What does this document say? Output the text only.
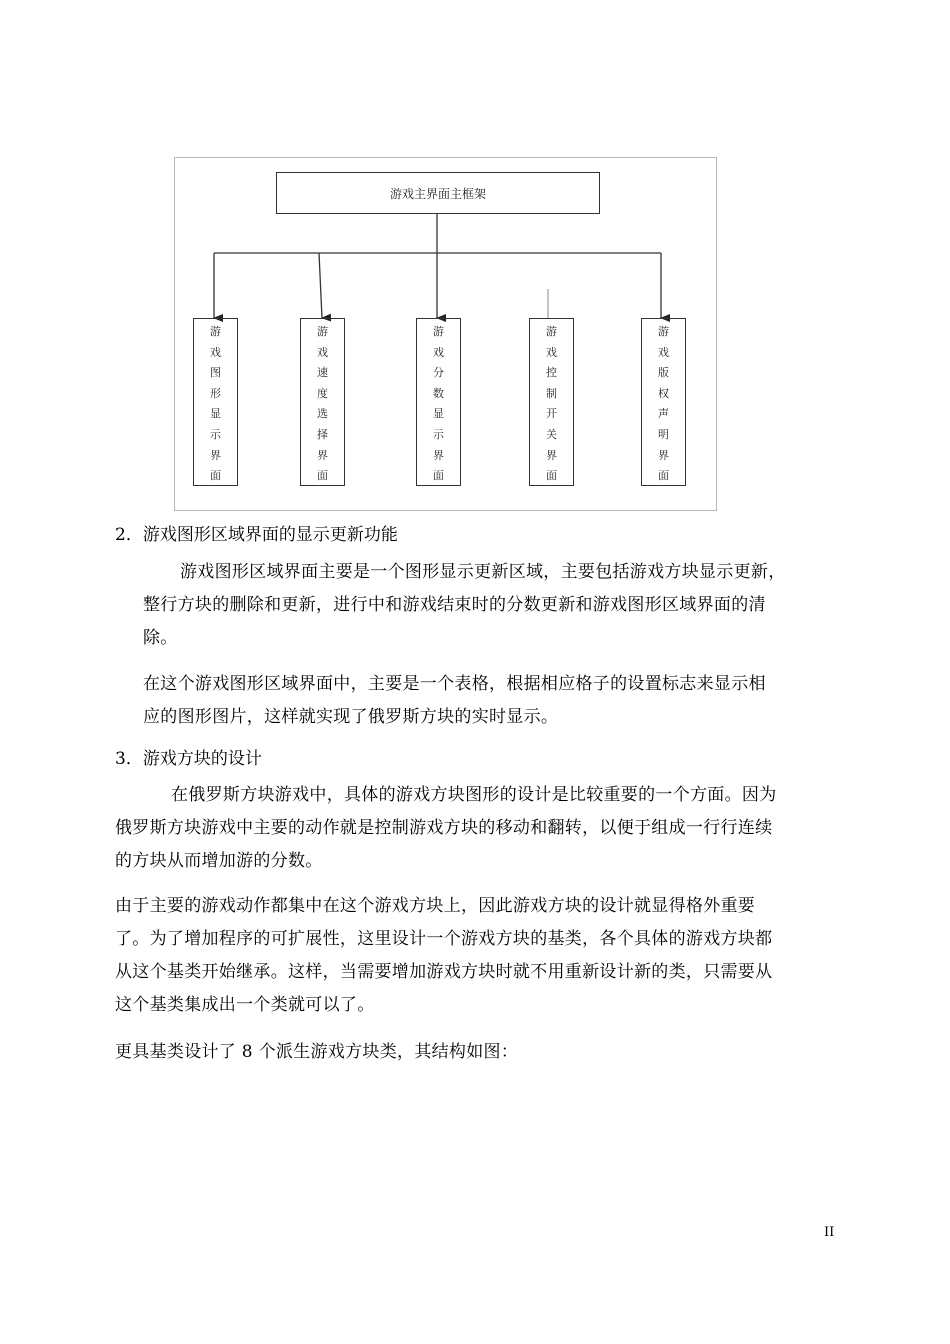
游戏主界面主框架
游
戏
图
形
显
示
界
面
游
戏
速
度
选
择
界
面
游
戏
分
数
显
示
界
面
游
戏
控
制
开
关
界
面
游
戏
版
权
声
明
界
面
2．游戏图形区域界面的显示更新功能
游戏图形区域界面主要是一个图形显示更新区域，主要包括游戏方块显示更新，
整行方块的删除和更新，进行中和游戏结束时的分数更新和游戏图形区域界面的清
除。
在这个游戏图形区域界面中，主要是一个表格，根据相应格子的设置标志来显示相
应的图形图片，这样就实现了俄罗斯方块的实时显示。
3．游戏方块的设计
在俄罗斯方块游戏中，具体的游戏方块图形的设计是比较重要的一个方面。因为
俄罗斯方块游戏中主要的动作就是控制游戏方块的移动和翻转，以便于组成一行行连续
的方块从而增加游的分数。
由于主要的游戏动作都集中在这个游戏方块上，因此游戏方块的设计就显得格外重要
了。为了增加程序的可扩展性，这里设计一个游戏方块的基类，各个具体的游戏方块都
从这个基类开始继承。这样，当需要增加游戏方块时就不用重新设计新的类，只需要从
这个基类集成出一个类就可以了。
更具基类设计了 8 个派生游戏方块类，其结构如图：
II
